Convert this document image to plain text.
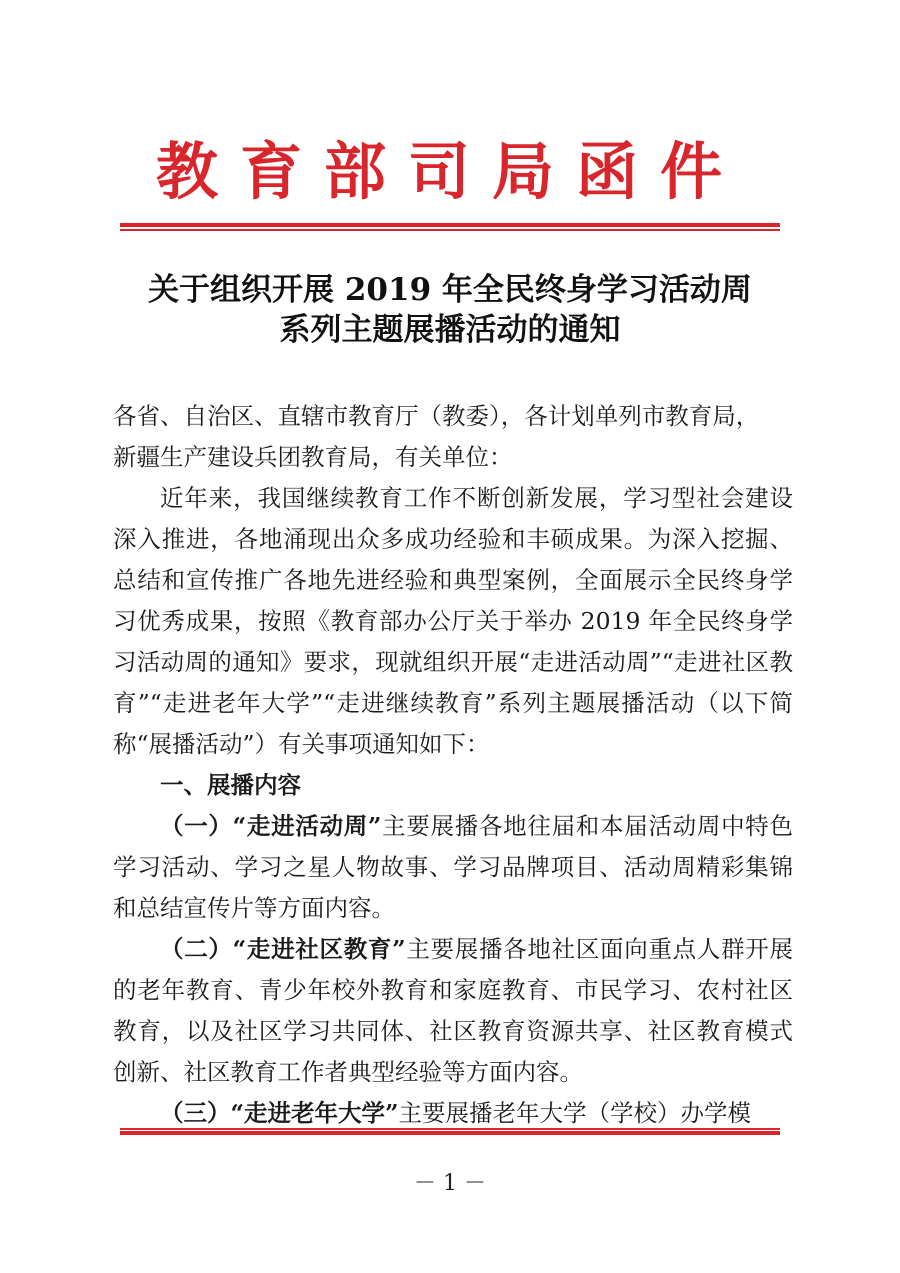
教育部司局函件
关于组织开展 2019 年全民终身学习活动周
系列主题展播活动的通知

各省、自治区、直辖市教育厅（教委），各计划单列市教育局，

新疆生产建设兵团教育局，有关单位：

近年来，我国继续教育工作不断创新发展，学习型社会建设深入推进，各地涌现出众多成功经验和丰硕成果。为深入挖掘、总结和宣传推广各地先进经验和典型案例，全面展示全民终身学习优秀成果，按照《教育部办公厅关于举办 2019 年全民终身学习活动周的通知》要求，现就组织开展“走进活动周”“走进社区教育”“走进老年大学”“走进继续教育”系列主题展播活动（以下简称“展播活动”）有关事项通知如下：

一、展播内容

（一）“走进活动周”主要展播各地往届和本届活动周中特色学习活动、学习之星人物故事、学习品牌项目、活动周精彩集锦和总结宣传片等方面内容。

（二）“走进社区教育”主要展播各地社区面向重点人群开展的老年教育、青少年校外教育和家庭教育、市民学习、农村社区教育，以及社区学习共同体、社区教育资源共享、社区教育模式创新、社区教育工作者典型经验等方面内容。

（三）“走进老年大学”主要展播老年大学（学校）办学模

－ 1 －
